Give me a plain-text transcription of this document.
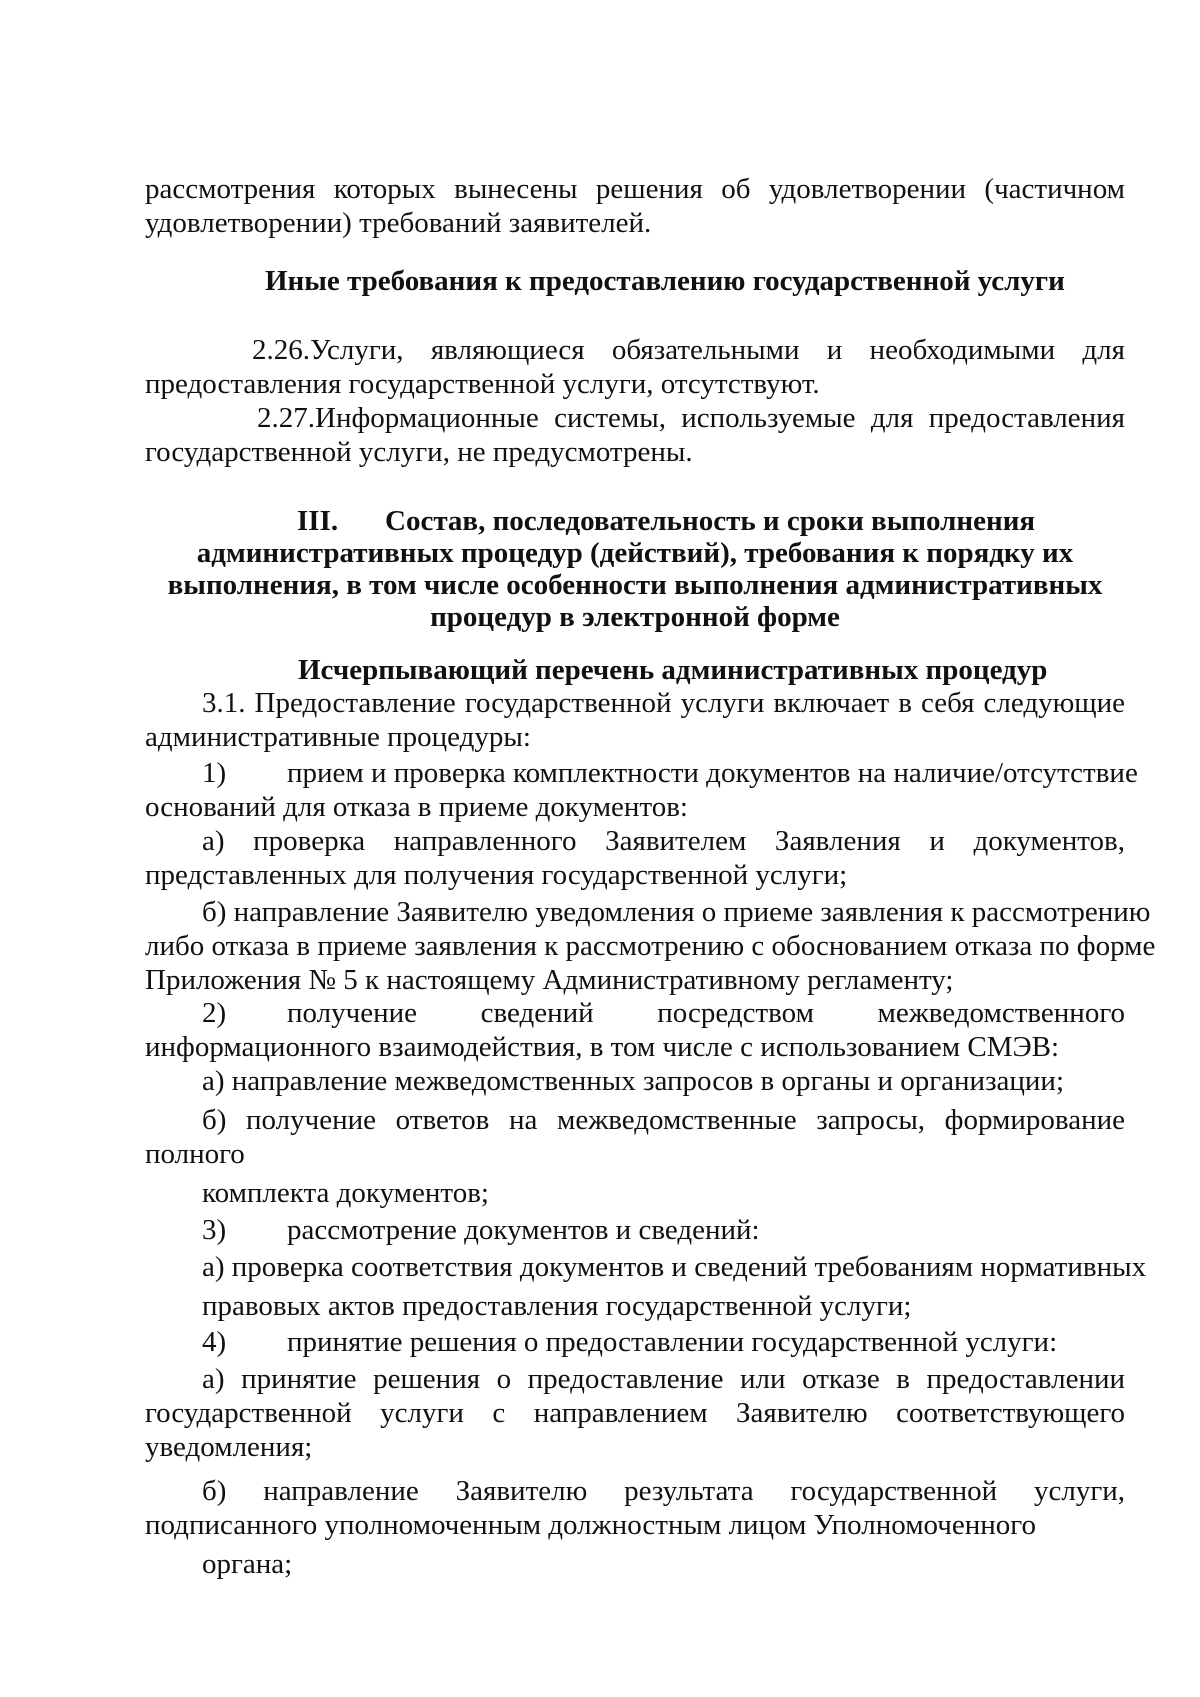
рассмотрения которых вынесены решения об удовлетворении (частичном
удовлетворении) требований заявителей.
Иные требования к предоставлению государственной услуги
2.26.Услуги, являющиеся обязательными и необходимыми для
предоставления государственной услуги, отсутствуют.
2.27.Информационные системы, используемые для предоставления
государственной услуги, не предусмотрены.
III. Состав, последовательность и сроки выполнения
административных процедур (действий), требования к порядку их
выполнения, в том числе особенности выполнения административных
процедур в электронной форме
Исчерпывающий перечень административных процедур
3.1. Предоставление государственной услуги включает в себя следующие
административные процедуры:
1) прием и проверка комплектности документов на наличие/отсутствие
оснований для отказа в приеме документов:
а) проверка направленного Заявителем Заявления и документов,
представленных для получения государственной услуги;
б) направление Заявителю уведомления о приеме заявления к рассмотрению
либо отказа в приеме заявления к рассмотрению с обоснованием отказа по форме
Приложения № 5 к настоящему Административному регламенту;
2) получение сведений посредством межведомственного
информационного взаимодействия, в том числе с использованием СМЭВ:
а) направление межведомственных запросов в органы и организации;
б) получение ответов на межведомственные запросы, формирование
полного
комплекта документов;
3) рассмотрение документов и сведений:
а) проверка соответствия документов и сведений требованиям нормативных
правовых актов предоставления государственной услуги;
4) принятие решения о предоставлении государственной услуги:
а) принятие решения о предоставление или отказе в предоставлении
государственной услуги с направлением Заявителю соответствующего
уведомления;
б) направление Заявителю результата государственной услуги,
подписанного уполномоченным должностным лицом Уполномоченного
органа;
